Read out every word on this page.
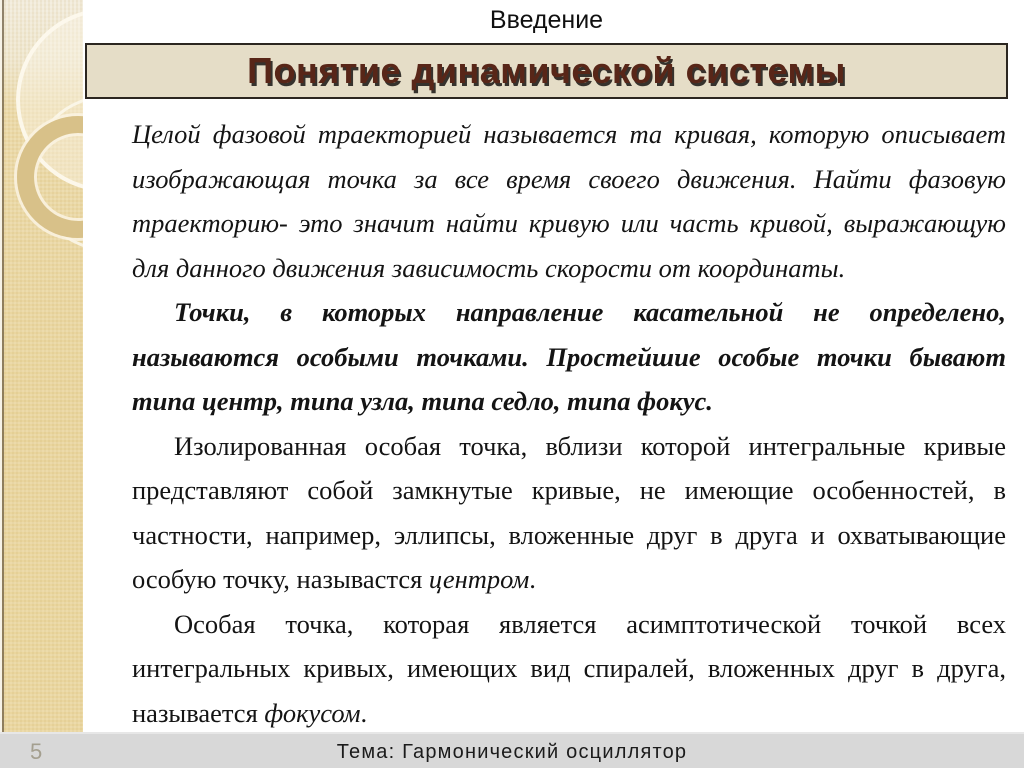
Введение
Понятие динамической системы

Целой фазовой траекторией называется та кривая, которую описывает изображающая точка за все время своего движения. Найти фазовую траекторию- это значит найти кривую или часть кривой, выражающую для данного движения зависимость скорости от координаты.

Точки, в которых направление касательной не определено, называются особыми точками. Простейшие особые точки бывают типа центр, типа узла, типа седло, типа фокус.

Изолированная особая точка, вблизи которой интегральные кривые представляют собой замкнутые кривые, не имеющие особенностей, в частности, например, эллипсы, вложенные друг в друга и охватывающие особую точку, называстся центром.

Особая точка, которая является асимптотической точкой всех интегральных кривых, имеющих вид спиралей, вложенных друг в друга, называется фокусом.

5	Тема: Гармонический осциллятор
